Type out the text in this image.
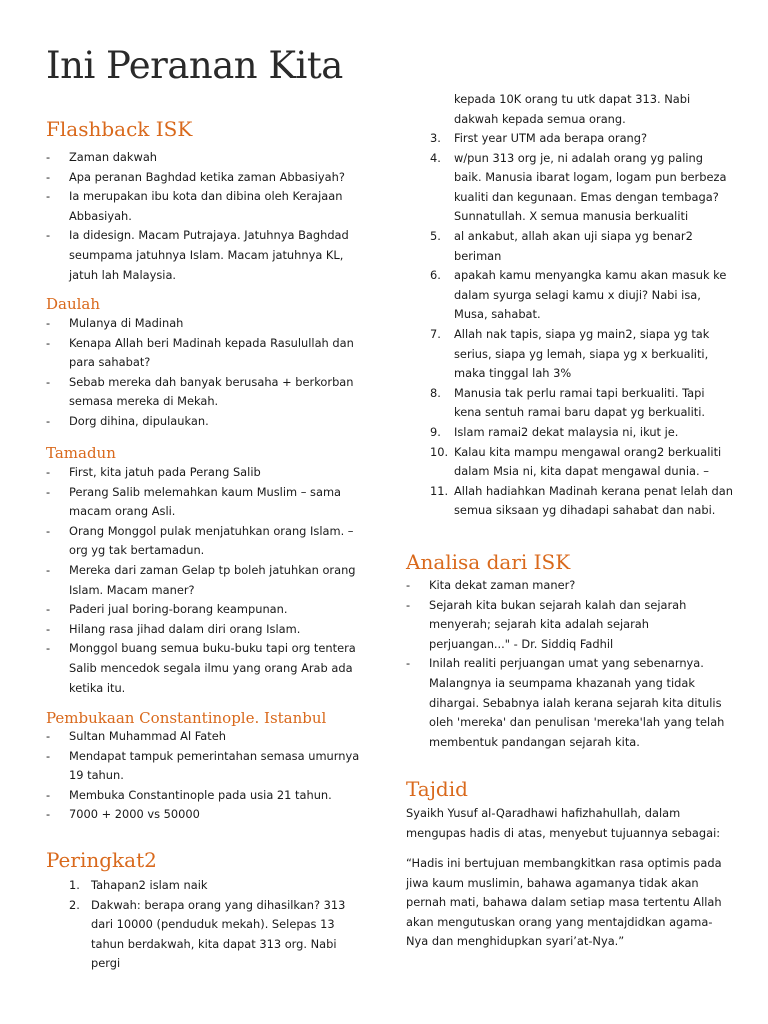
Ini Peranan Kita
Flashback ISK
- Zaman dakwah
- Apa peranan Baghdad ketika zaman Abbasiyah?
- Ia merupakan ibu kota dan dibina oleh Kerajaan Abbasiyah.
- Ia didesign. Macam Putrajaya. Jatuhnya Baghdad seumpama jatuhnya Islam. Macam jatuhnya KL, jatuh lah Malaysia.
Daulah
- Mulanya di Madinah
- Kenapa Allah beri Madinah kepada Rasulullah dan para sahabat?
- Sebab mereka dah banyak berusaha + berkorban semasa mereka di Mekah.
- Dorg dihina, dipulaukan.
Tamadun
- First, kita jatuh pada Perang Salib
- Perang Salib melemahkan kaum Muslim – sama macam orang Asli.
- Orang Monggol pulak menjatuhkan orang Islam. – org yg tak bertamadun.
- Mereka dari zaman Gelap tp boleh jatuhkan orang Islam. Macam maner?
- Paderi jual boring-borang keampunan.
- Hilang rasa jihad dalam diri orang Islam.
- Monggol buang semua buku-buku tapi org tentera Salib mencedok segala ilmu yang orang Arab ada ketika itu.
Pembukaan Constantinople. Istanbul
- Sultan Muhammad Al Fateh
- Mendapat tampuk pemerintahan semasa umurnya 19 tahun.
- Membuka Constantinople pada usia 21 tahun.
- 7000 + 2000 vs 50000
Peringkat2
1. Tahapan2 islam naik
2. Dakwah: berapa orang yang dihasilkan? 313 dari 10000 (penduduk mekah). Selepas 13 tahun berdakwah, kita dapat 313 org. Nabi pergi

kepada 10K orang tu utk dapat 313. Nabi dakwah kepada semua orang.

3.	First year UTM ada berapa orang?
4.	w/pun 313 org je, ni adalah orang yg paling baik. Manusia ibarat logam, logam pun berbeza kualiti dan kegunaan. Emas dengan tembaga? Sunnatullah. X semua manusia berkualiti
5.	al ankabut, allah akan uji siapa yg benar2 beriman
6.	apakah kamu menyangka kamu akan masuk ke dalam syurga selagi kamu x diuji? Nabi isa, Musa, sahabat.
7.	Allah nak tapis, siapa yg main2, siapa yg tak serius, siapa yg lemah, siapa yg x berkualiti, maka tinggal lah 3%
8.	Manusia tak perlu ramai tapi berkualiti. Tapi kena sentuh ramai baru dapat yg berkualiti.
9.	Islam ramai2 dekat malaysia ni, ikut je.
10. Kalau kita mampu mengawal orang2 berkualiti dalam Msia ni, kita dapat mengawal dunia. –
11. Allah hadiahkan Madinah kerana penat lelah dan semua siksaan yg dihadapi sahabat dan nabi.
Analisa dari ISK
- Kita dekat zaman maner?
- Sejarah kita bukan sejarah kalah dan sejarah menyerah; sejarah kita adalah sejarah perjuangan..." - Dr. Siddiq Fadhil
- Inilah realiti perjuangan umat yang sebenarnya. Malangnya ia seumpama khazanah yang tidak dihargai. Sebabnya ialah kerana sejarah kita ditulis oleh 'mereka' dan penulisan 'mereka'lah yang telah membentuk pandangan sejarah kita.
Tajdid

Syaikh Yusuf al-Qaradhawi hafizhahullah, dalam mengupas hadis di atas, menyebut tujuannya sebagai:

“Hadis ini bertujuan membangkitkan rasa optimis pada jiwa kaum muslimin, bahawa agamanya tidak akan pernah mati, bahawa dalam setiap masa tertentu Allah akan mengutuskan orang yang mentajdidkan agama-Nya dan menghidupkan syari’at-Nya.”
